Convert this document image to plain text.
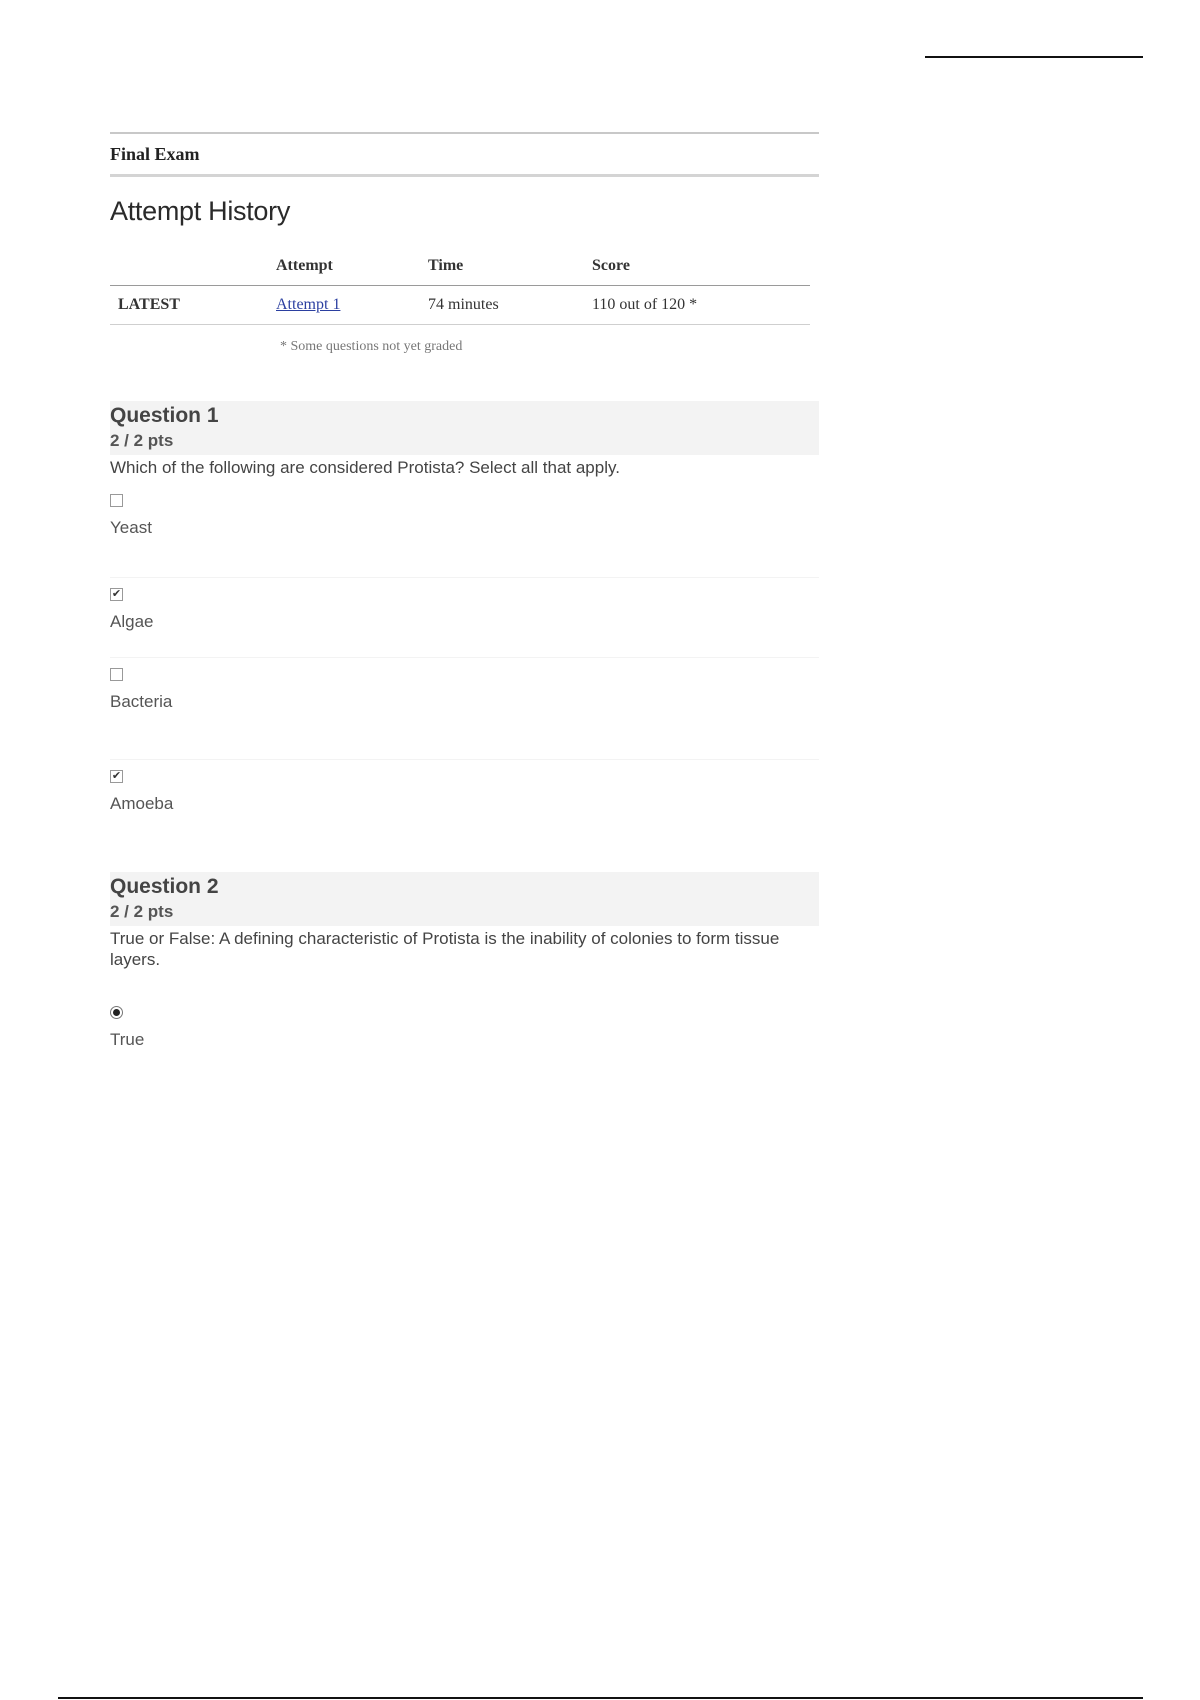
Final Exam
Attempt History
	Attempt	Time	Score
LATEST	Attempt 1	74 minutes	110 out of 120 *
* Some questions not yet graded
Question 1
2 / 2 pts
Which of the following are considered Protista? Select all that apply.
Yeast
✔
Algae
Bacteria
✔
Amoeba
Question 2
2 / 2 pts
True or False: A defining characteristic of Protista is the inability of colonies to form tissue layers.
True
